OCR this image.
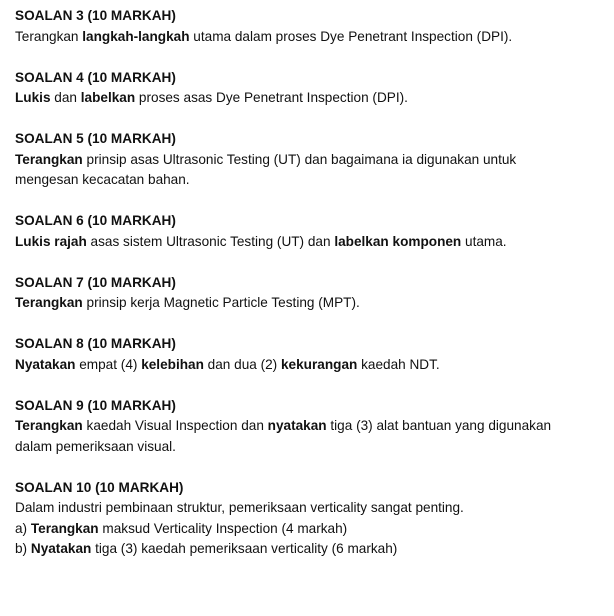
SOALAN 3 (10 MARKAH)
Terangkan langkah-langkah utama dalam proses Dye Penetrant Inspection (DPI).
SOALAN 4 (10 MARKAH)
Lukis dan labelkan proses asas Dye Penetrant Inspection (DPI).
SOALAN 5 (10 MARKAH)
Terangkan prinsip asas Ultrasonic Testing (UT) dan bagaimana ia digunakan untuk
mengesan kecacatan bahan.
SOALAN 6 (10 MARKAH)
Lukis rajah asas sistem Ultrasonic Testing (UT) dan labelkan komponen utama.
SOALAN 7 (10 MARKAH)
Terangkan prinsip kerja Magnetic Particle Testing (MPT).
SOALAN 8 (10 MARKAH)
Nyatakan empat (4) kelebihan dan dua (2) kekurangan kaedah NDT.
SOALAN 9 (10 MARKAH)
Terangkan kaedah Visual Inspection dan nyatakan tiga (3) alat bantuan yang digunakan
dalam pemeriksaan visual.
SOALAN 10 (10 MARKAH)
Dalam industri pembinaan struktur, pemeriksaan verticality sangat penting.
a) Terangkan maksud Verticality Inspection (4 markah)
b) Nyatakan tiga (3) kaedah pemeriksaan verticality (6 markah)
